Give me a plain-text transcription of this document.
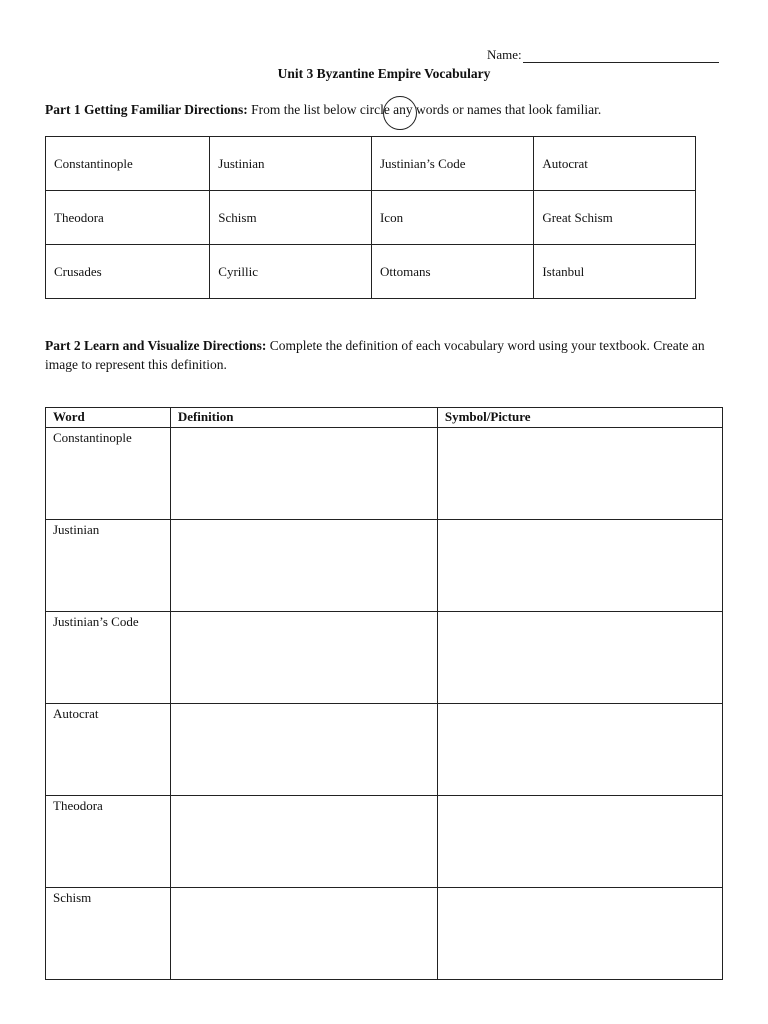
Name:
Unit 3 Byzantine Empire Vocabulary
Part 1 Getting Familiar Directions: From the list below circle any words or names that look familiar.
Constantinople	Justinian	Justinian’s Code	Autocrat
Theodora	Schism	Icon	Great Schism
Crusades	Cyrillic	Ottomans	Istanbul
Part 2 Learn and Visualize Directions: Complete the definition of each vocabulary word using your textbook. Create an image to represent this definition.
Word	Definition	Symbol/Picture
Constantinople		
Justinian		
Justinian’s Code		
Autocrat		
Theodora		
Schism		
